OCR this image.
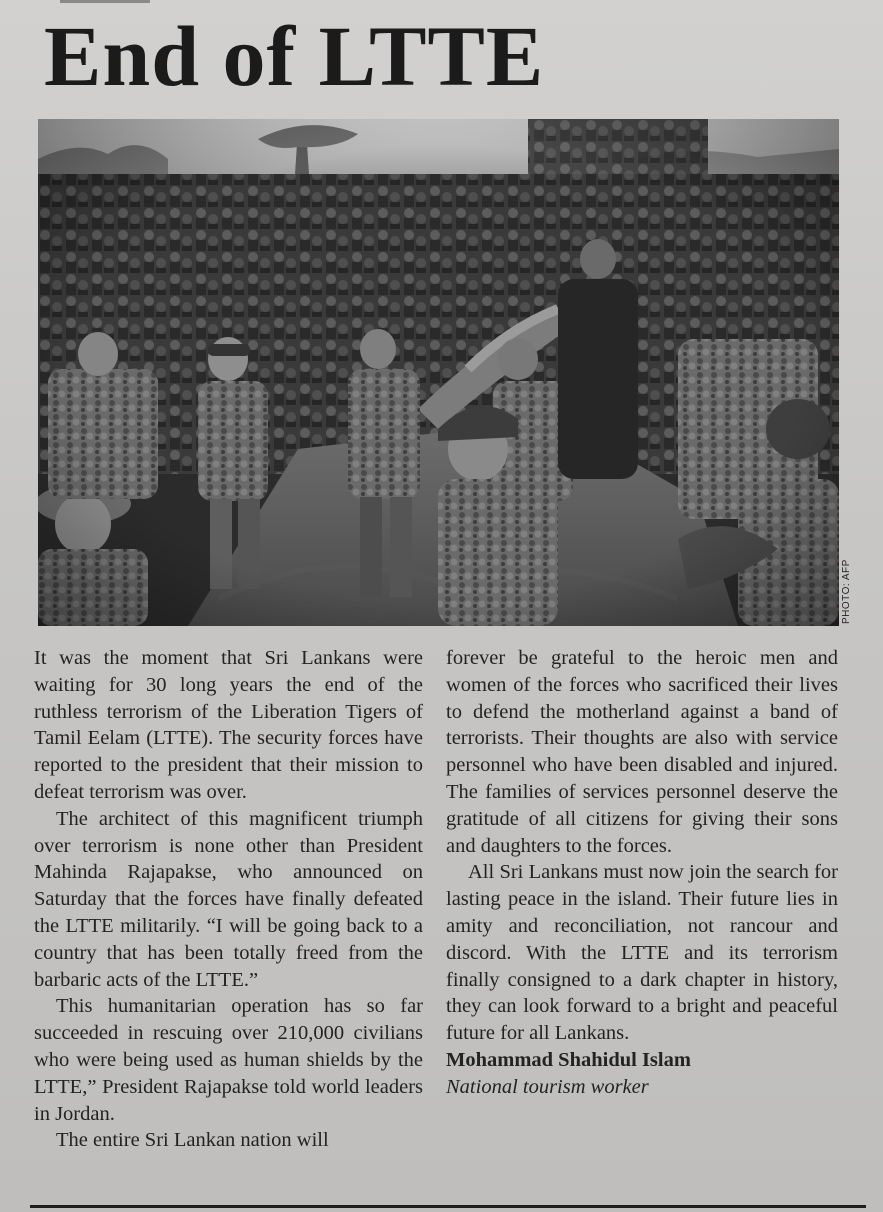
End of LTTE
PHOTO: AFP

It was the moment that Sri Lankans were waiting for 30 long years the end of the ruthless terrorism of the Liberation Tigers of Tamil Eelam (LTTE). The security forces have reported to the president that their mission to defeat terrorism was over.

The architect of this magnificent triumph over terrorism is none other than President Mahinda Rajapakse, who announced on Saturday that the forces have finally defeated the LTTE militarily. “I will be going back to a country that has been totally freed from the barbaric acts of the LTTE.”

This humanitarian operation has so far succeeded in rescuing over 210,000 civilians who were being used as human shields by the LTTE,” President Rajapakse told world leaders in Jordan.

The entire Sri Lankan nation will

forever be grateful to the heroic men and women of the forces who sacrificed their lives to defend the motherland against a band of terrorists. Their thoughts are also with service personnel who have been disabled and injured. The families of services personnel deserve the gratitude of all citizens for giving their sons and daughters to the forces.

All Sri Lankans must now join the search for lasting peace in the island. Their future lies in amity and reconciliation, not rancour and discord. With the LTTE and its terrorism finally consigned to a dark chapter in history, they can look forward to a bright and peaceful future for all Lankans.

Mohammad Shahidul Islam

National tourism worker
